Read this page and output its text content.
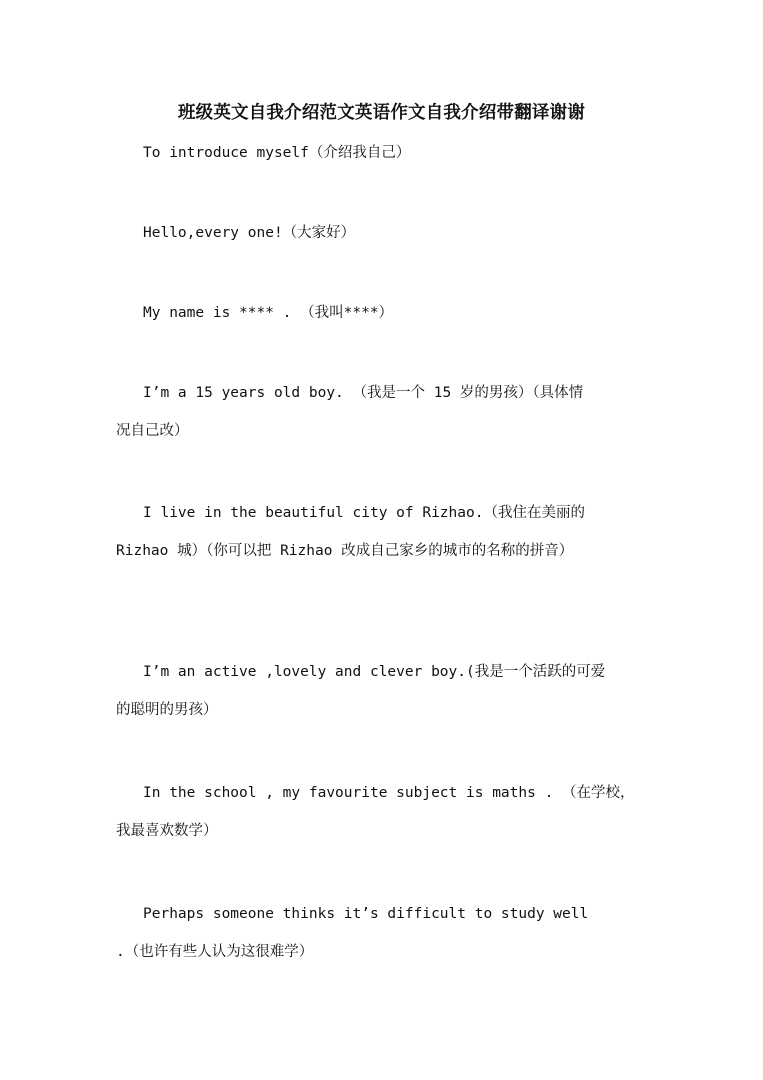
班级英文自我介绍范文英语作文自我介绍带翻译谢谢
To introduce myself（介绍我自己）
Hello,every one!（大家好）
My name is **** . （我叫****）
I’m a 15 years old boy. （我是一个 15 岁的男孩）（具体情
况自己改）
I live in the beautiful city of Rizhao.（我住在美丽的
Rizhao 城）（你可以把 Rizhao 改成自己家乡的城市的名称的拼音）
I’m an active ,lovely and clever boy.(我是一个活跃的可爱
的聪明的男孩）
In the school , my favourite subject is maths . （在学校，
我最喜欢数学）
Perhaps someone thinks it’s difficult to study well
.（也许有些人认为这很难学）
